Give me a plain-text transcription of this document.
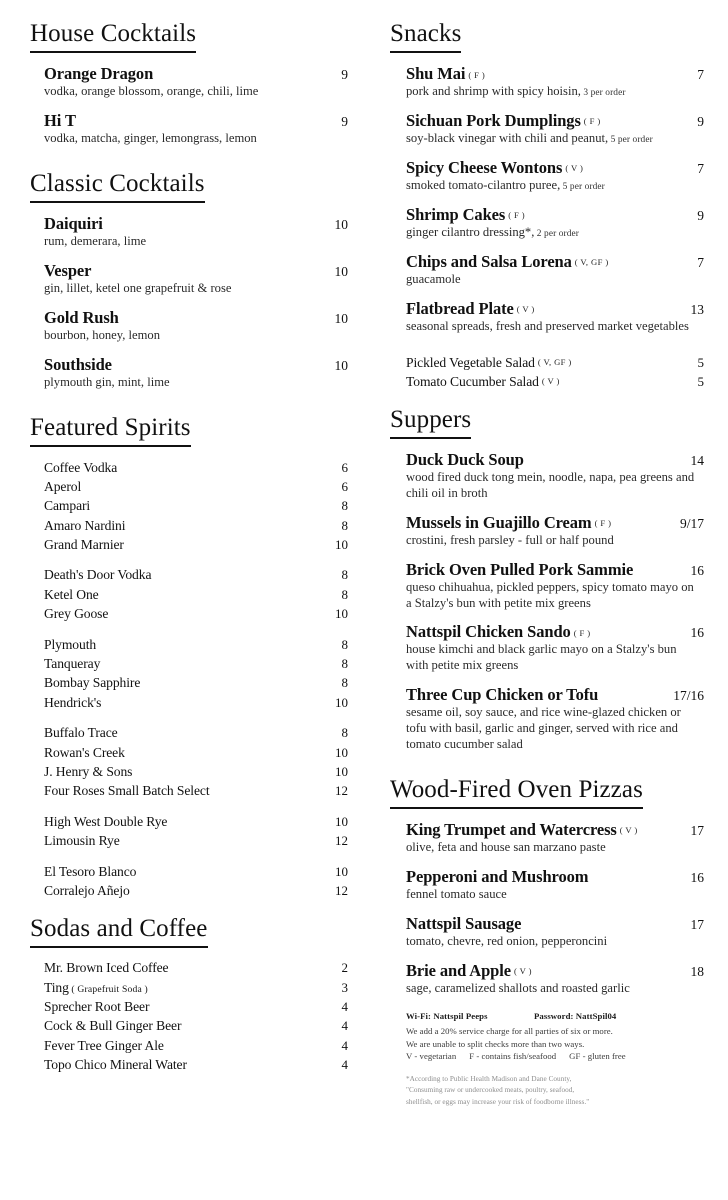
House Cocktails
Orange Dragon	9
vodka, orange blossom, orange, chili, lime
Hi T	9
vodka, matcha, ginger, lemongrass, lemon
Classic Cocktails
Daiquiri	10
rum, demerara, lime
Vesper	10
gin, lillet, ketel one grapefruit & rose
Gold Rush	10
bourbon, honey, lemon
Southside	10
plymouth gin, mint, lime
Featured Spirits
Coffee Vodka	6
Aperol	6
Campari	8
Amaro Nardini	8
Grand Marnier	10
Death's Door Vodka	8
Ketel One	8
Grey Goose	10
Plymouth	8
Tanqueray	8
Bombay Sapphire	8
Hendrick's	10
Buffalo Trace	8
Rowan's Creek	10
J. Henry & Sons	10
Four Roses Small Batch Select	12
High West Double Rye	10
Limousin Rye	12
El Tesoro Blanco	10
Corralejo Añejo	12
Sodas and Coffee
Mr. Brown Iced Coffee	2
Ting ( Grapefruit Soda )	3
Sprecher Root Beer	4
Cock & Bull Ginger Beer	4
Fever Tree Ginger Ale	4
Topo Chico Mineral Water	4
Snacks
Shu Mai ( F )	7
pork and shrimp with spicy hoisin, 3 per order
Sichuan Pork Dumplings ( F )	9
soy-black vinegar with chili and peanut, 5 per order
Spicy Cheese Wontons ( V )	7
smoked tomato-cilantro puree, 5 per order
Shrimp Cakes ( F )	9
ginger cilantro dressing*, 2 per order
Chips and Salsa Lorena ( V, GF )	7
guacamole
Flatbread Plate ( V )	13
seasonal spreads, fresh and preserved market vegetables
Pickled Vegetable Salad ( V, GF )	5
Tomato Cucumber Salad ( V )	5
Suppers
Duck Duck Soup	14
wood fired duck tong mein, noodle, napa, pea greens and chili oil in broth
Mussels in Guajillo Cream ( F )	9/17
crostini, fresh parsley - full or half pound
Brick Oven Pulled Pork Sammie	16
queso chihuahua, pickled peppers, spicy tomato mayo on a Stalzy's bun with petite mix greens
Nattspil Chicken Sando ( F )	16
house kimchi and black garlic mayo on a Stalzy's bun with petite mix greens
Three Cup Chicken or Tofu	17/16
sesame oil, soy sauce, and rice wine-glazed chicken or tofu with basil, garlic and ginger, served with rice and tomato cucumber salad
Wood-Fired Oven Pizzas
King Trumpet and Watercress ( V )	17
olive, feta and house san marzano paste
Pepperoni and Mushroom	16
fennel tomato sauce
Nattspil Sausage	17
tomato, chevre, red onion, pepperoncini
Brie and Apple ( V )	18
sage, caramelized shallots and roasted garlic
Wi-Fi: Nattspil Peeps	Password: NattSpil04
We add a 20% service charge for all parties of six or more.
We are unable to split checks more than two ways.
V - vegetarian F - contains fish/seafood GF - gluten free
*According to Public Health Madison and Dane County,
"Consuming raw or undercooked meats, poultry, seafood,
shellfish, or eggs may increase your risk of foodborne illness."
